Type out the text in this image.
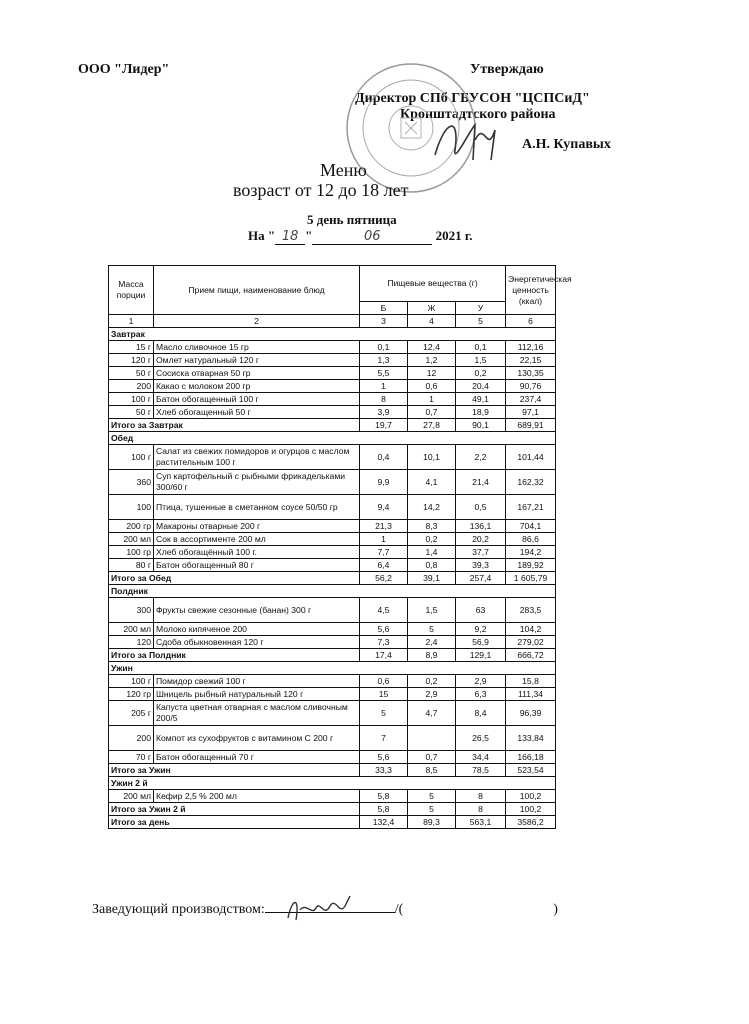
ООО "Лидер"	Утверждаю
Директор СПб ГБУСОН "ЦСПСиД"
Кронштадтского района
А.Н. Купавых
Меню
возраст от 12 до 18 лет
5 день пятница
На " 18 "	06	2021 г.
Масса порции	Прием пищи, наименование блюд	Пищевые вещества (г)			Энергетическая ценность (ккал)
		Б	Ж	У	
1	2	3	4	5	6
Завтрак					
15 г	Масло сливочное 15 гр	0,1	12,4	0,1	112,16
120 г	Омлет натуральный 120 г	1,3	1,2	1,5	22,15
50 г	Сосиска отварная 50 гр	5,5	12	0,2	130,35
200	Какао с молоком 200 гр	1	0,6	20,4	90,76
100 г	Батон обогащенный 100 г	8	1	49,1	237,4
50 г	Хлеб обогащенный 50 г	3,9	0,7	18,9	97,1
Итого за Завтрак		19,7	27,8	90,1	689,91
Обед					
100 г	Салат из свежих помидоров и огурцов с маслом растительным 100 г	0,4	10,1	2,2	101,44
360	Суп картофельный с рыбными фрикадельками 300/60 г	9,9	4,1	21,4	162,32
100	Птица, тушенные в сметанном соусе 50/50 гр	9,4	14,2	0,5	167,21
200 гр	Макароны отварные 200 г	21,3	8,3	136,1	704,1
200 мл	Сок в ассортименте 200 мл	1	0,2	20,2	86,6
100 гр	Хлеб обогащённый 100 г.	7,7	1,4	37,7	194,2
80 г	Батон обогащенный 80 г	6,4	0,8	39,3	189,92
Итого за Обед		56,2	39,1	257,4	1 605,79
Полдник					
300	Фрукты свежие сезонные (банан) 300 г	4,5	1,5	63	283,5
200 мл	Молоко кипяченое 200	5,6	5	9,2	104,2
120	Сдоба обыкновенная 120 г	7,3	2,4	56,9	279,02
Итого за Полдник		17,4	8,9	129,1	666,72
Ужин					
100 г	Помидор свежий 100 г	0,6	0,2	2,9	15,8
120 гр	Шницель рыбный натуральный 120 г	15	2,9	6,3	111,34
205 г	Капуста цветная отварная с маслом сливочным 200/5	5	4,7	8,4	96,39
200	Компот из сухофруктов с витамином С 200 г	7		26,5	133,84
70 г	Батон обогащенный 70 г	5,6	0,7	34,4	166,18
Итого за Ужин		33,3	8,5	78,5	523,54
Ужин 2 й					
200 мл	Кефир 2,5 % 200 мл	5,8	5	8	100,2
Итого за Ужин 2 й		5,8	5	8	100,2
Итого за день		132,4	89,3	563,1	3586,2
Заведующий производством:	/(	)
